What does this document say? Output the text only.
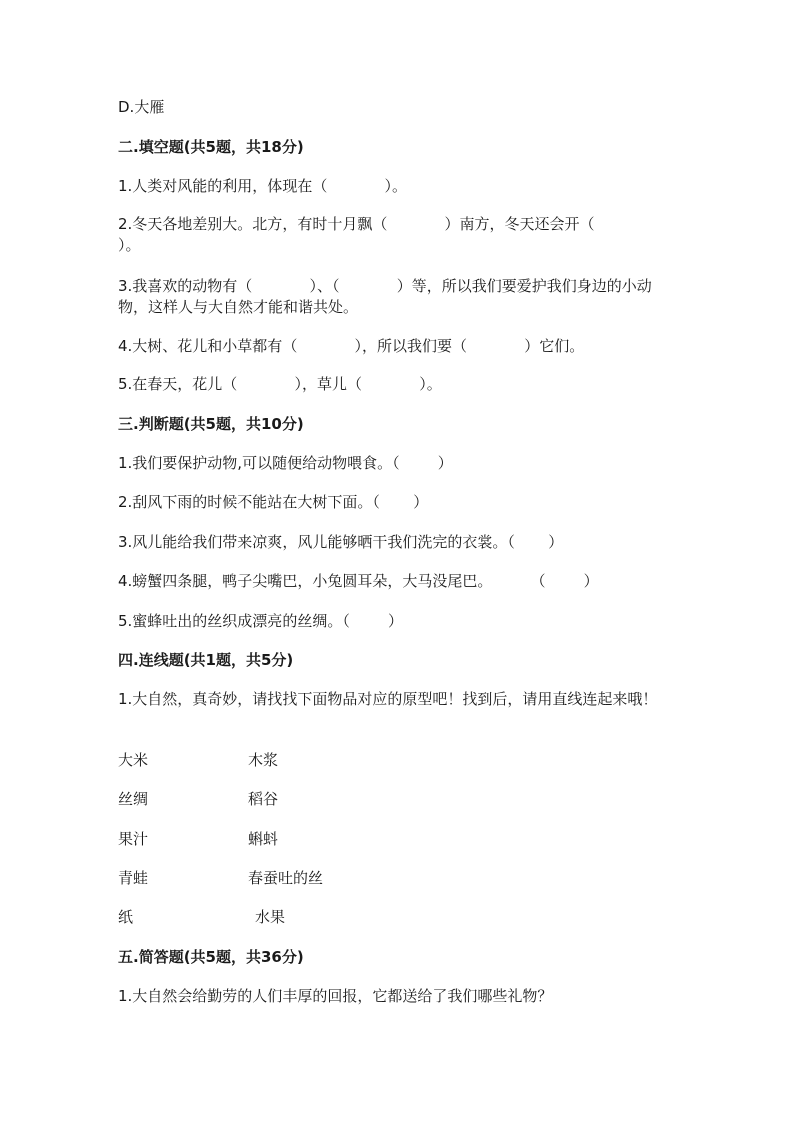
D.大雁
二.填空题(共5题，共18分)
1.人类对风能的利用，体现在（            ）。
2.冬天各地差别大。北方，有时十月飘（            ）南方，冬天还会开（            ）。
3.我喜欢的动物有（            ）、（            ）等，所以我们要爱护我们身边的小动物，这样人与大自然才能和谐共处。
4.大树、花儿和小草都有（            ），所以我们要（            ）它们。
5.在春天，花儿（            ），草儿（            ）。
三.判断题(共5题，共10分)
1.我们要保护动物,可以随便给动物喂食。（        ）
2.刮风下雨的时候不能站在大树下面。（       ）
3.风儿能给我们带来凉爽，风儿能够晒干我们洗完的衣裳。（       ）
4.螃蟹四条腿，鸭子尖嘴巴，小兔圆耳朵，大马没尾巴。        （        ）
5.蜜蜂吐出的丝织成漂亮的丝绸。（        ）
四.连线题(共1题，共5分)
1.大自然，真奇妙，请找找下面物品对应的原型吧！找到后，请用直线连起来哦！
大米	木浆
丝绸	稻谷
果汁	蝌蚪
青蛙	春蚕吐的丝
纸	水果
五.简答题(共5题，共36分)
1.大自然会给勤劳的人们丰厚的回报，它都送给了我们哪些礼物？
